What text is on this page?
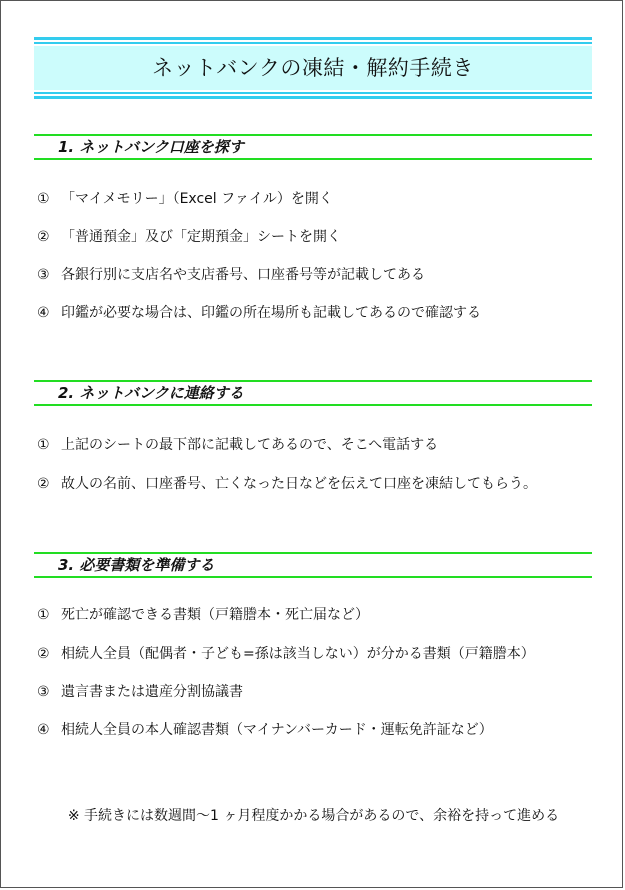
ネットバンクの凍結・解約手続き
1. ネットバンク口座を探す
① 「マイメモリー」（Excel ファイル）を開く
② 「普通預金」及び「定期預金」シートを開く
③ 各銀行別に支店名や支店番号、口座番号等が記載してある
④ 印鑑が必要な場合は、印鑑の所在場所も記載してあるので確認する
2. ネットバンクに連絡する
① 上記のシートの最下部に記載してあるので、そこへ電話する
② 故人の名前、口座番号、亡くなった日などを伝えて口座を凍結してもらう。
3. 必要書類を準備する
① 死亡が確認できる書類（戸籍謄本・死亡届など）
② 相続人全員（配偶者・子ども=孫は該当しない）が分かる書類（戸籍謄本）
③ 遺言書または遺産分割協議書
④ 相続人全員の本人確認書類（マイナンバーカード・運転免許証など）
※ 手続きには数週間〜1 ヶ月程度かかる場合があるので、余裕を持って進める
